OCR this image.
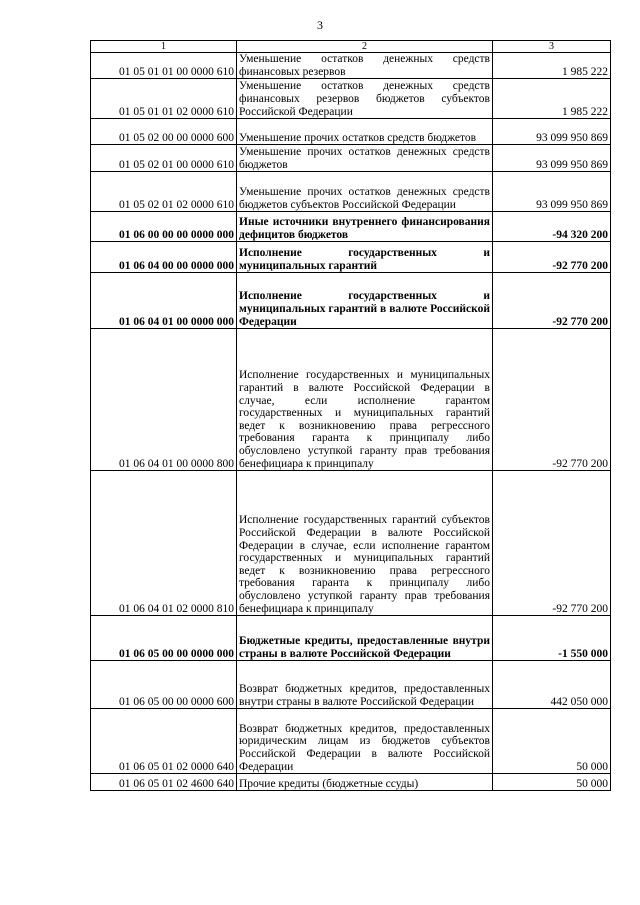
3
1	2	3
01 05 01 01 00 0000 610	Уменьшение остатков денежных средств финансовых резервов	1 985 222
01 05 01 01 02 0000 610	Уменьшение остатков денежных средств финансовых резервов бюджетов субъектов Российской Федерации	1 985 222
01 05 02 00 00 0000 600	Уменьшение прочих остатков средств бюджетов	93 099 950 869
01 05 02 01 00 0000 610	Уменьшение прочих остатков денежных средств бюджетов	93 099 950 869
01 05 02 01 02 0000 610	Уменьшение прочих остатков денежных средств бюджетов субъектов Российской Федерации	93 099 950 869
01 06 00 00 00 0000 000	Иные источники внутреннего финансирования дефицитов бюджетов	-94 320 200
01 06 04 00 00 0000 000	Исполнение государственных и муниципальных гарантий	-92 770 200
01 06 04 01 00 0000 000	Исполнение государственных и муниципальных гарантий в валюте Российской Федерации	-92 770 200
01 06 04 01 00 0000 800	Исполнение государственных и муниципальных гарантий в валюте Российской Федерации в случае, если исполнение гарантом государственных и муниципальных гарантий ведет к возникновению права регрессного требования гаранта к принципалу либо обусловлено уступкой гаранту прав требования бенефициара к принципалу	-92 770 200
01 06 04 01 02 0000 810	Исполнение государственных гарантий субъектов Российской Федерации в валюте Российской Федерации в случае, если исполнение гарантом государственных и муниципальных гарантий ведет к возникновению права регрессного требования гаранта к принципалу либо обусловлено уступкой гаранту прав требования бенефициара к принципалу	-92 770 200
01 06 05 00 00 0000 000	Бюджетные кредиты, предоставленные внутри страны в валюте Российской Федерации	-1 550 000
01 06 05 00 00 0000 600	Возврат бюджетных кредитов, предоставленных внутри страны в валюте Российской Федерации	442 050 000
01 06 05 01 02 0000 640	Возврат бюджетных кредитов, предоставленных юридическим лицам из бюджетов субъектов Российской Федерации в валюте Российской Федерации	50 000
01 06 05 01 02 4600 640	Прочие кредиты (бюджетные ссуды)	50 000
